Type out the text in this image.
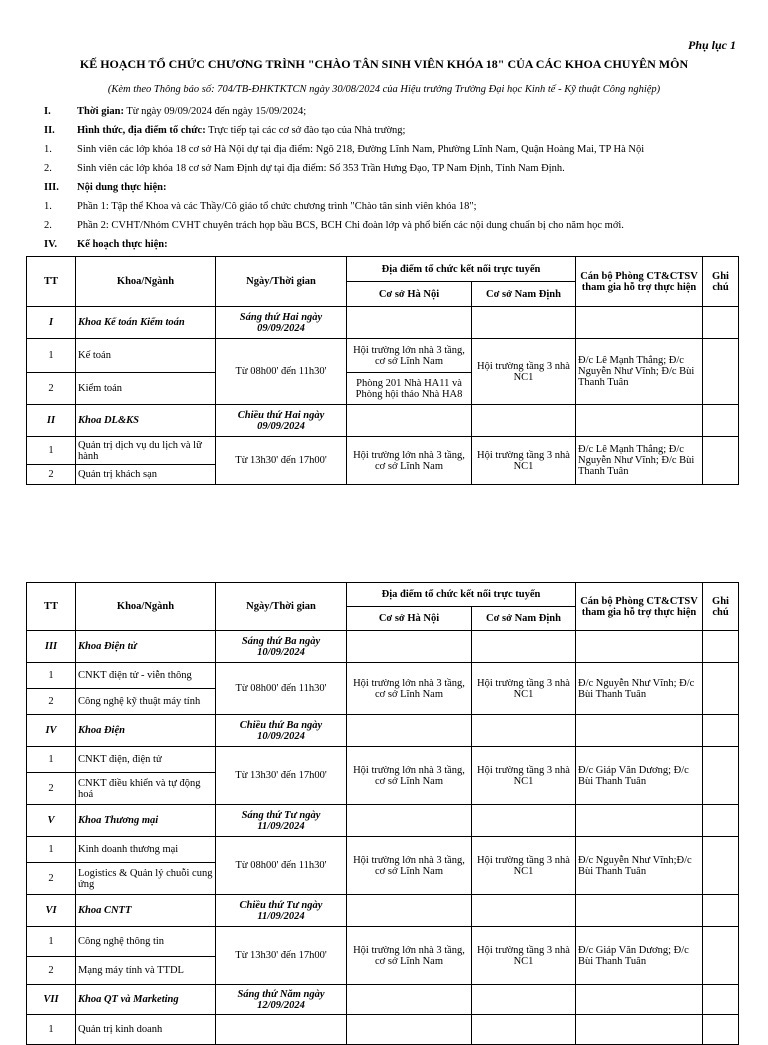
Phụ lục 1
KẾ HOẠCH TỔ CHỨC CHƯƠNG TRÌNH "CHÀO TÂN SINH VIÊN KHÓA 18" CỦA CÁC KHOA CHUYÊN MÔN
(Kèm theo Thông báo số: 704/TB-ĐHKTKTCN ngày 30/08/2024 của Hiệu trưởng Trường Đại học Kinh tế - Kỹ thuật Công nghiệp)
I.	Thời gian: Từ ngày 09/09/2024 đến ngày 15/09/2024;
II.	Hình thức, địa điểm tổ chức: Trực tiếp tại các cơ sở đào tạo của Nhà trường;
1.	Sinh viên các lớp khóa 18 cơ sở Hà Nội dự tại địa điểm: Ngõ 218, Đường Lĩnh Nam, Phường Lĩnh Nam, Quận Hoàng Mai, TP Hà Nội
2.	Sinh viên các lớp khóa 18 cơ sở Nam Định dự tại địa điểm: Số 353 Trần Hưng Đạo, TP Nam Định, Tỉnh Nam Định.
III.	Nội dung thực hiện:
1.	Phần 1: Tập thể Khoa và các Thầy/Cô giáo tổ chức chương trình "Chào tân sinh viên khóa 18";
2.	Phần 2: CVHT/Nhóm CVHT chuyên trách họp bầu BCS, BCH Chi đoàn lớp và phổ biến các nội dung chuẩn bị cho năm học mới.
IV.	Kế hoạch thực hiện:
TT	Khoa/Ngành	Ngày/Thời gian	Địa điểm tổ chức kết nối trực tuyến		Cán bộ Phòng CT&CTSV tham gia hỗ trợ thực hiện	Ghi chú
			Cơ sở Hà Nội	Cơ sở Nam Định		
I	Khoa Kế toán Kiểm toán	Sáng thứ Hai ngày 09/09/2024				
1	Kế toán	Từ 08h00' đến 11h30'	Hội trường lớn nhà 3 tầng, cơ sở Lĩnh Nam	Hội trường tầng 3 nhà NC1	Đ/c Lê Mạnh Thắng; Đ/c Nguyễn Như Vĩnh; Đ/c Bùi Thanh Tuân	
2	Kiểm toán		Phòng 201 Nhà HA11 và Phòng hội thảo Nhà HA8			
II	Khoa DL&KS	Chiều thứ Hai ngày 09/09/2024				
1	Quản trị dịch vụ du lịch và lữ hành	Từ 13h30' đến 17h00'	Hội trường lớn nhà 3 tầng, cơ sở Lĩnh Nam	Hội trường tầng 3 nhà NC1	Đ/c Lê Mạnh Thắng; Đ/c Nguyễn Như Vĩnh; Đ/c Bùi Thanh Tuân	
2	Quản trị khách sạn					
TT	Khoa/Ngành	Ngày/Thời gian	Địa điểm tổ chức kết nối trực tuyến		Cán bộ Phòng CT&CTSV tham gia hỗ trợ thực hiện	Ghi chú
			Cơ sở Hà Nội	Cơ sở Nam Định		
III	Khoa Điện tử	Sáng thứ Ba ngày 10/09/2024				
1	CNKT điện tử - viễn thông	Từ 08h00' đến 11h30'	Hội trường lớn nhà 3 tầng, cơ sở Lĩnh Nam	Hội trường tầng 3 nhà NC1	Đ/c Nguyễn Như Vĩnh; Đ/c Bùi Thanh Tuân	
2	Công nghệ kỹ thuật máy tính					
IV	Khoa Điện	Chiều thứ Ba ngày 10/09/2024				
1	CNKT điện, điện tử	Từ 13h30' đến 17h00'	Hội trường lớn nhà 3 tầng, cơ sở Lĩnh Nam	Hội trường tầng 3 nhà NC1	Đ/c Giáp Văn Dương; Đ/c Bùi Thanh Tuân	
2	CNKT điều khiển và tự động hoá					
V	Khoa Thương mại	Sáng thứ Tư ngày 11/09/2024				
1	Kinh doanh thương mại	Từ 08h00' đến 11h30'	Hội trường lớn nhà 3 tầng, cơ sở Lĩnh Nam	Hội trường tầng 3 nhà NC1	Đ/c Nguyễn Như Vĩnh;Đ/c Bùi Thanh Tuân	
2	Logistics & Quản lý chuỗi cung ứng					
VI	Khoa CNTT	Chiều thứ Tư ngày 11/09/2024				
1	Công nghệ thông tin	Từ 13h30' đến 17h00'	Hội trường lớn nhà 3 tầng, cơ sở Lĩnh Nam	Hội trường tầng 3 nhà NC1	Đ/c Giáp Văn Dương; Đ/c Bùi Thanh Tuân	
2	Mạng máy tính và TTDL					
VII	Khoa QT và Marketing	Sáng thứ Năm ngày 12/09/2024				
1	Quản trị kinh doanh					
